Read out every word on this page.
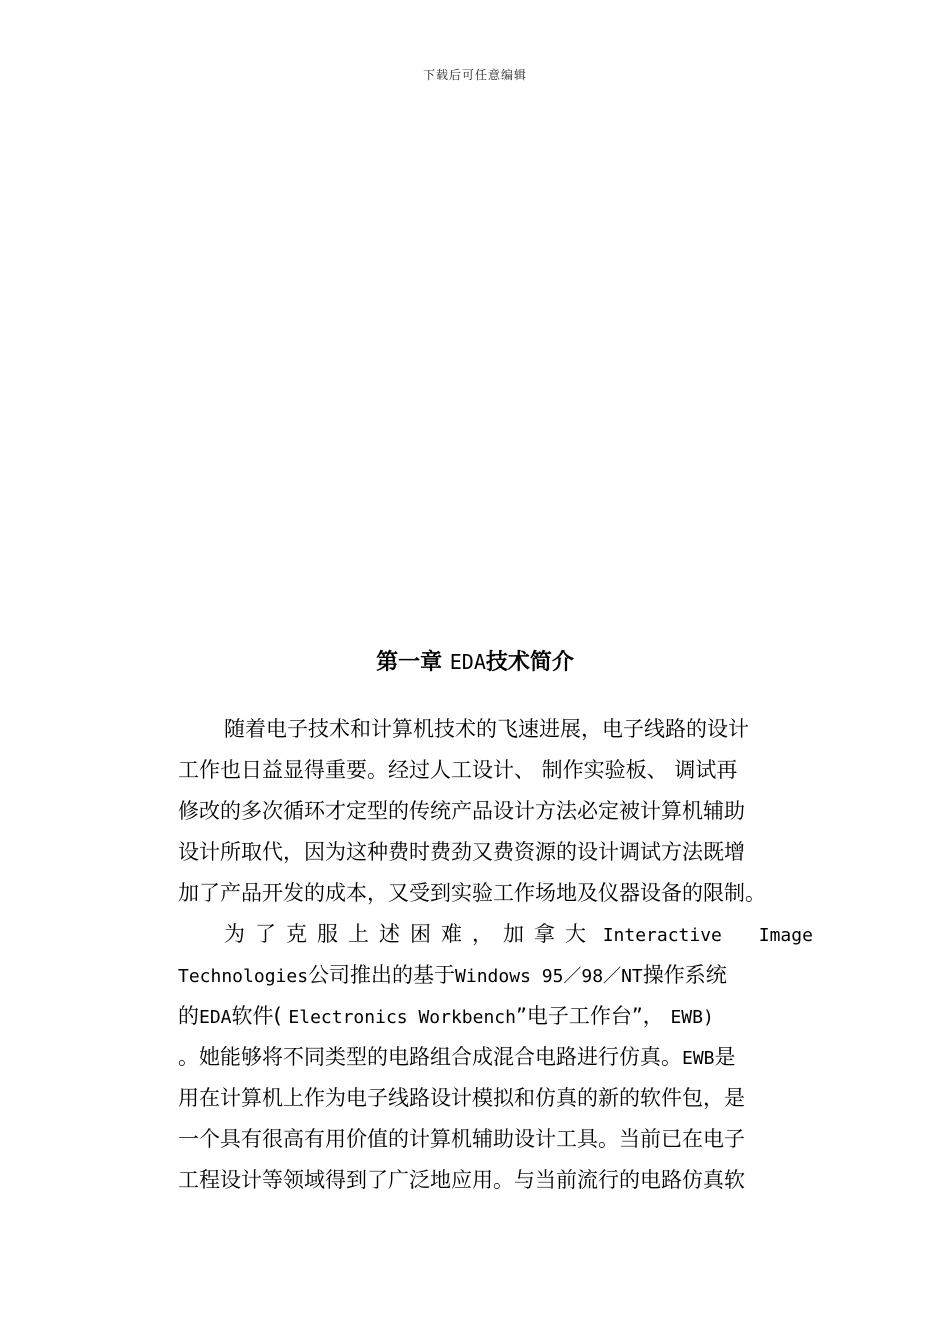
下载后可任意编辑
第一章 EDA技术简介
随着电子技术和计算机技术的飞速进展，电子线路的设计
工作也日益显得重要。经过人工设计、 制作实验板、 调试再
修改的多次循环才定型的传统产品设计方法必定被计算机辅助
设计所取代，因为这种费时费劲又费资源的设计调试方法既增
加了产品开发的成本，又受到实验工作场地及仪器设备的限制。
为了克服上述困难，加拿大 Interactive Image
Technologies公司推出的基于Windows 95／98／NT操作系统
的EDA软件( Electronics Workbench”电子工作台”， EWB)
。她能够将不同类型的电路组合成混合电路进行仿真。EWB是
用在计算机上作为电子线路设计模拟和仿真的新的软件包，是
一个具有很高有用价值的计算机辅助设计工具。当前已在电子
工程设计等领域得到了广泛地应用。与当前流行的电路仿真软
